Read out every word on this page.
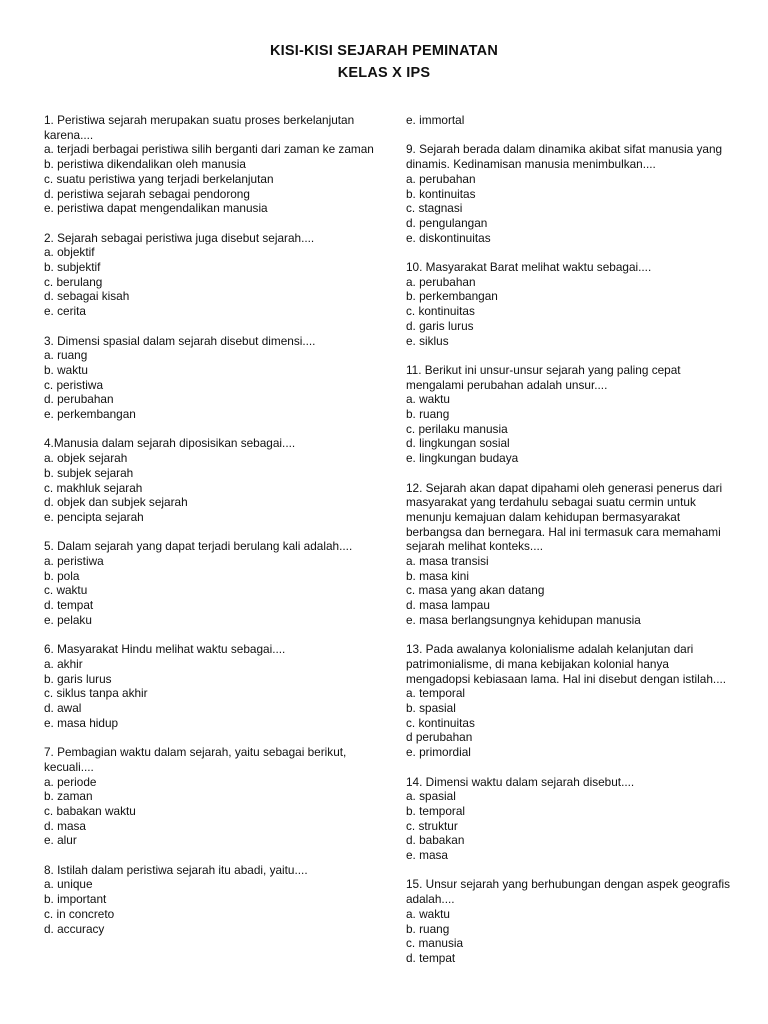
KISI-KISI SEJARAH PEMINATAN
KELAS X IPS
1. Peristiwa sejarah merupakan suatu proses berkelanjutan karena....
a. terjadi berbagai peristiwa silih berganti dari zaman ke zaman
b. peristiwa dikendalikan oleh manusia
c. suatu peristiwa yang terjadi berkelanjutan
d. peristiwa sejarah sebagai pendorong
e. peristiwa dapat mengendalikan manusia
2. Sejarah sebagai peristiwa juga disebut sejarah....
a. objektif
b. subjektif
c. berulang
d. sebagai kisah
e. cerita
3. Dimensi spasial dalam sejarah disebut dimensi....
a. ruang
b. waktu
c. peristiwa
d. perubahan
e. perkembangan
4.Manusia dalam sejarah diposisikan sebagai....
a. objek sejarah
b. subjek sejarah
c. makhluk sejarah
d. objek dan subjek sejarah
e. pencipta sejarah
5. Dalam sejarah yang dapat terjadi berulang kali adalah....
a. peristiwa
b. pola
c. waktu
d. tempat
e. pelaku
6. Masyarakat Hindu melihat waktu sebagai....
a. akhir
b. garis lurus
c. siklus tanpa akhir
d. awal
e. masa hidup
7. Pembagian waktu dalam sejarah, yaitu sebagai berikut, kecuali....
a. periode
b. zaman
c. babakan waktu
d. masa
e. alur
8. Istilah dalam peristiwa sejarah itu abadi, yaitu....
a. unique
b. important
c. in concreto
d. accuracy
e. immortal
9. Sejarah berada dalam dinamika akibat sifat manusia yang dinamis. Kedinamisan manusia menimbulkan....
a. perubahan
b. kontinuitas
c. stagnasi
d. pengulangan
e. diskontinuitas
10. Masyarakat Barat melihat waktu sebagai....
a. perubahan
b. perkembangan
c. kontinuitas
d. garis lurus
e. siklus
11. Berikut ini unsur-unsur sejarah yang paling cepat mengalami perubahan adalah unsur....
a. waktu
b. ruang
c. perilaku manusia
d. lingkungan sosial
e. lingkungan budaya
12. Sejarah akan dapat dipahami oleh generasi penerus dari masyarakat yang terdahulu sebagai suatu cermin untuk menunju kemajuan dalam kehidupan bermasyarakat berbangsa dan bernegara. Hal ini termasuk cara memahami sejarah melihat konteks....
a. masa transisi
b. masa kini
c. masa yang akan datang
d. masa lampau
e. masa berlangsungnya kehidupan manusia
13. Pada awalanya kolonialisme adalah kelanjutan dari patrimonialisme, di mana kebijakan kolonial hanya mengadopsi kebiasaan lama. Hal ini disebut dengan istilah....
a. temporal
b. spasial
c. kontinuitas
d perubahan
e. primordial
14. Dimensi waktu dalam sejarah disebut....
a. spasial
b. temporal
c. struktur
d. babakan
e. masa
15. Unsur sejarah yang berhubungan dengan aspek geografis adalah....
a. waktu
b. ruang
c. manusia
d. tempat
